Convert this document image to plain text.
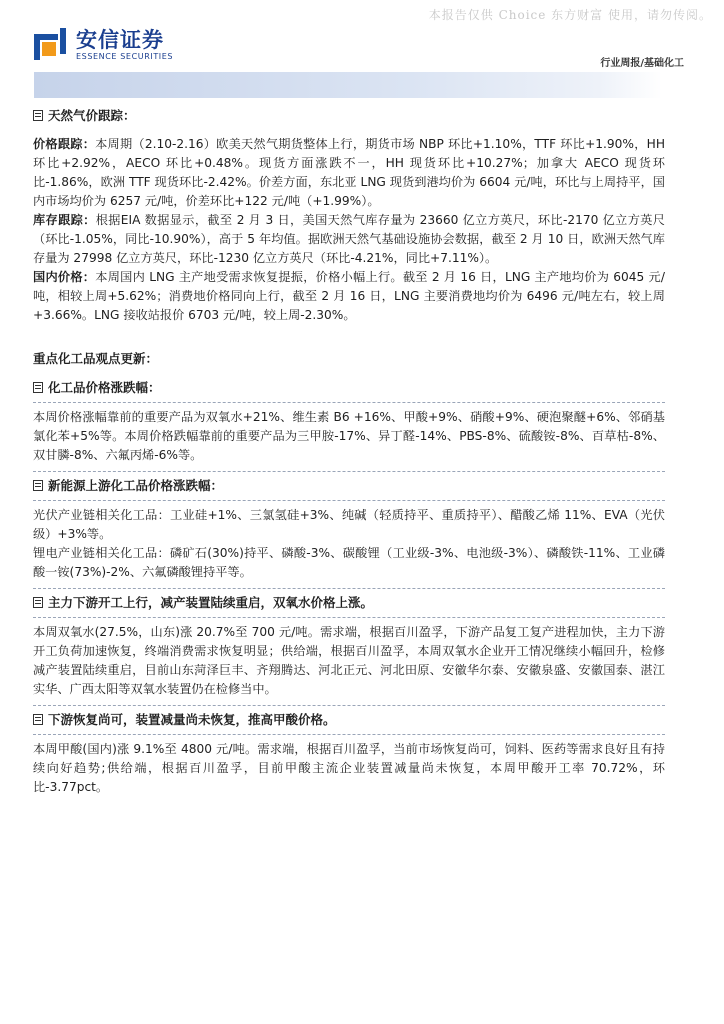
本报告仅供 Choice 东方财富 使用，请勿传阅。
安信证券
ESSENCE SECURITIES
行业周报/基础化工

天然气价跟踪：

价格跟踪：本周期（2.10-2.16）欧美天然气期货整体上行，期货市场 NBP 环比+1.10%，TTF 环比+1.90%，HH 环比+2.92%，AECO 环比+0.48%。现货方面涨跌不一，HH 现货环比+10.27%；加拿大 AECO 现货环比-1.86%，欧洲 TTF 现货环比-2.42%。价差方面，东北亚 LNG 现货到港均价为 6604 元/吨，环比与上周持平，国内市场均价为 6257 元/吨，价差环比+122 元/吨（+1.99%）。

库存跟踪：根据EIA 数据显示，截至 2 月 3 日，美国天然气库存量为 23660 亿立方英尺，环比-2170 亿立方英尺（环比-1.05%，同比-10.90%），高于 5 年均值。据欧洲天然气基础设施协会数据，截至 2 月 10 日，欧洲天然气库存量为 27998 亿立方英尺，环比-1230 亿立方英尺（环比-4.21%，同比+7.11%）。

国内价格：本周国内 LNG 主产地受需求恢复提振，价格小幅上行。截至 2 月 16 日，LNG 主产地均价为 6045 元/吨，相较上周+5.62%；消费地价格同向上行，截至 2 月 16 日，LNG 主要消费地均价为 6496 元/吨左右，较上周+3.66%。LNG 接收站报价 6703 元/吨，较上周-2.30%。

重点化工品观点更新：

化工品价格涨跌幅：

本周价格涨幅靠前的重要产品为双氧水+21%、维生素 B6 +16%、甲酸+9%、硝酸+9%、硬泡聚醚+6%、邻硝基氯化苯+5%等。本周价格跌幅靠前的重要产品为三甲胺-17%、异丁醛-14%、PBS-8%、硫酸铵-8%、百草枯-8%、双甘膦-8%、六氟丙烯-6%等。

新能源上游化工品价格涨跌幅：

光伏产业链相关化工品：工业硅+1%、三氯氢硅+3%、纯碱（轻质持平、重质持平）、醋酸乙烯 11%、EVA（光伏级）+3%等。

锂电产业链相关化工品：磷矿石(30%)持平、磷酸-3%、碳酸锂（工业级-3%、电池级-3%）、磷酸铁-11%、工业磷酸一铵(73%)-2%、六氟磷酸锂持平等。

主力下游开工上行，减产装置陆续重启，双氧水价格上涨。

本周双氧水(27.5%，山东)涨 20.7%至 700 元/吨。需求端，根据百川盈孚，下游产品复工复产进程加快，主力下游开工负荷加速恢复，终端消费需求恢复明显；供给端，根据百川盈孚，本周双氧水企业开工情况继续小幅回升，检修减产装置陆续重启，目前山东菏泽巨丰、齐翔腾达、河北正元、河北田原、安徽华尔泰、安徽泉盛、安徽国泰、湛江实华、广西太阳等双氧水装置仍在检修当中。

下游恢复尚可，装置减量尚未恢复，推高甲酸价格。

本周甲酸(国内)涨 9.1%至 4800 元/吨。需求端，根据百川盈孚，当前市场恢复尚可，饲料、医药等需求良好且有持续向好趋势;供给端，根据百川盈孚，目前甲酸主流企业装置减量尚未恢复，本周甲酸开工率 70.72%，环比-3.77pct。
